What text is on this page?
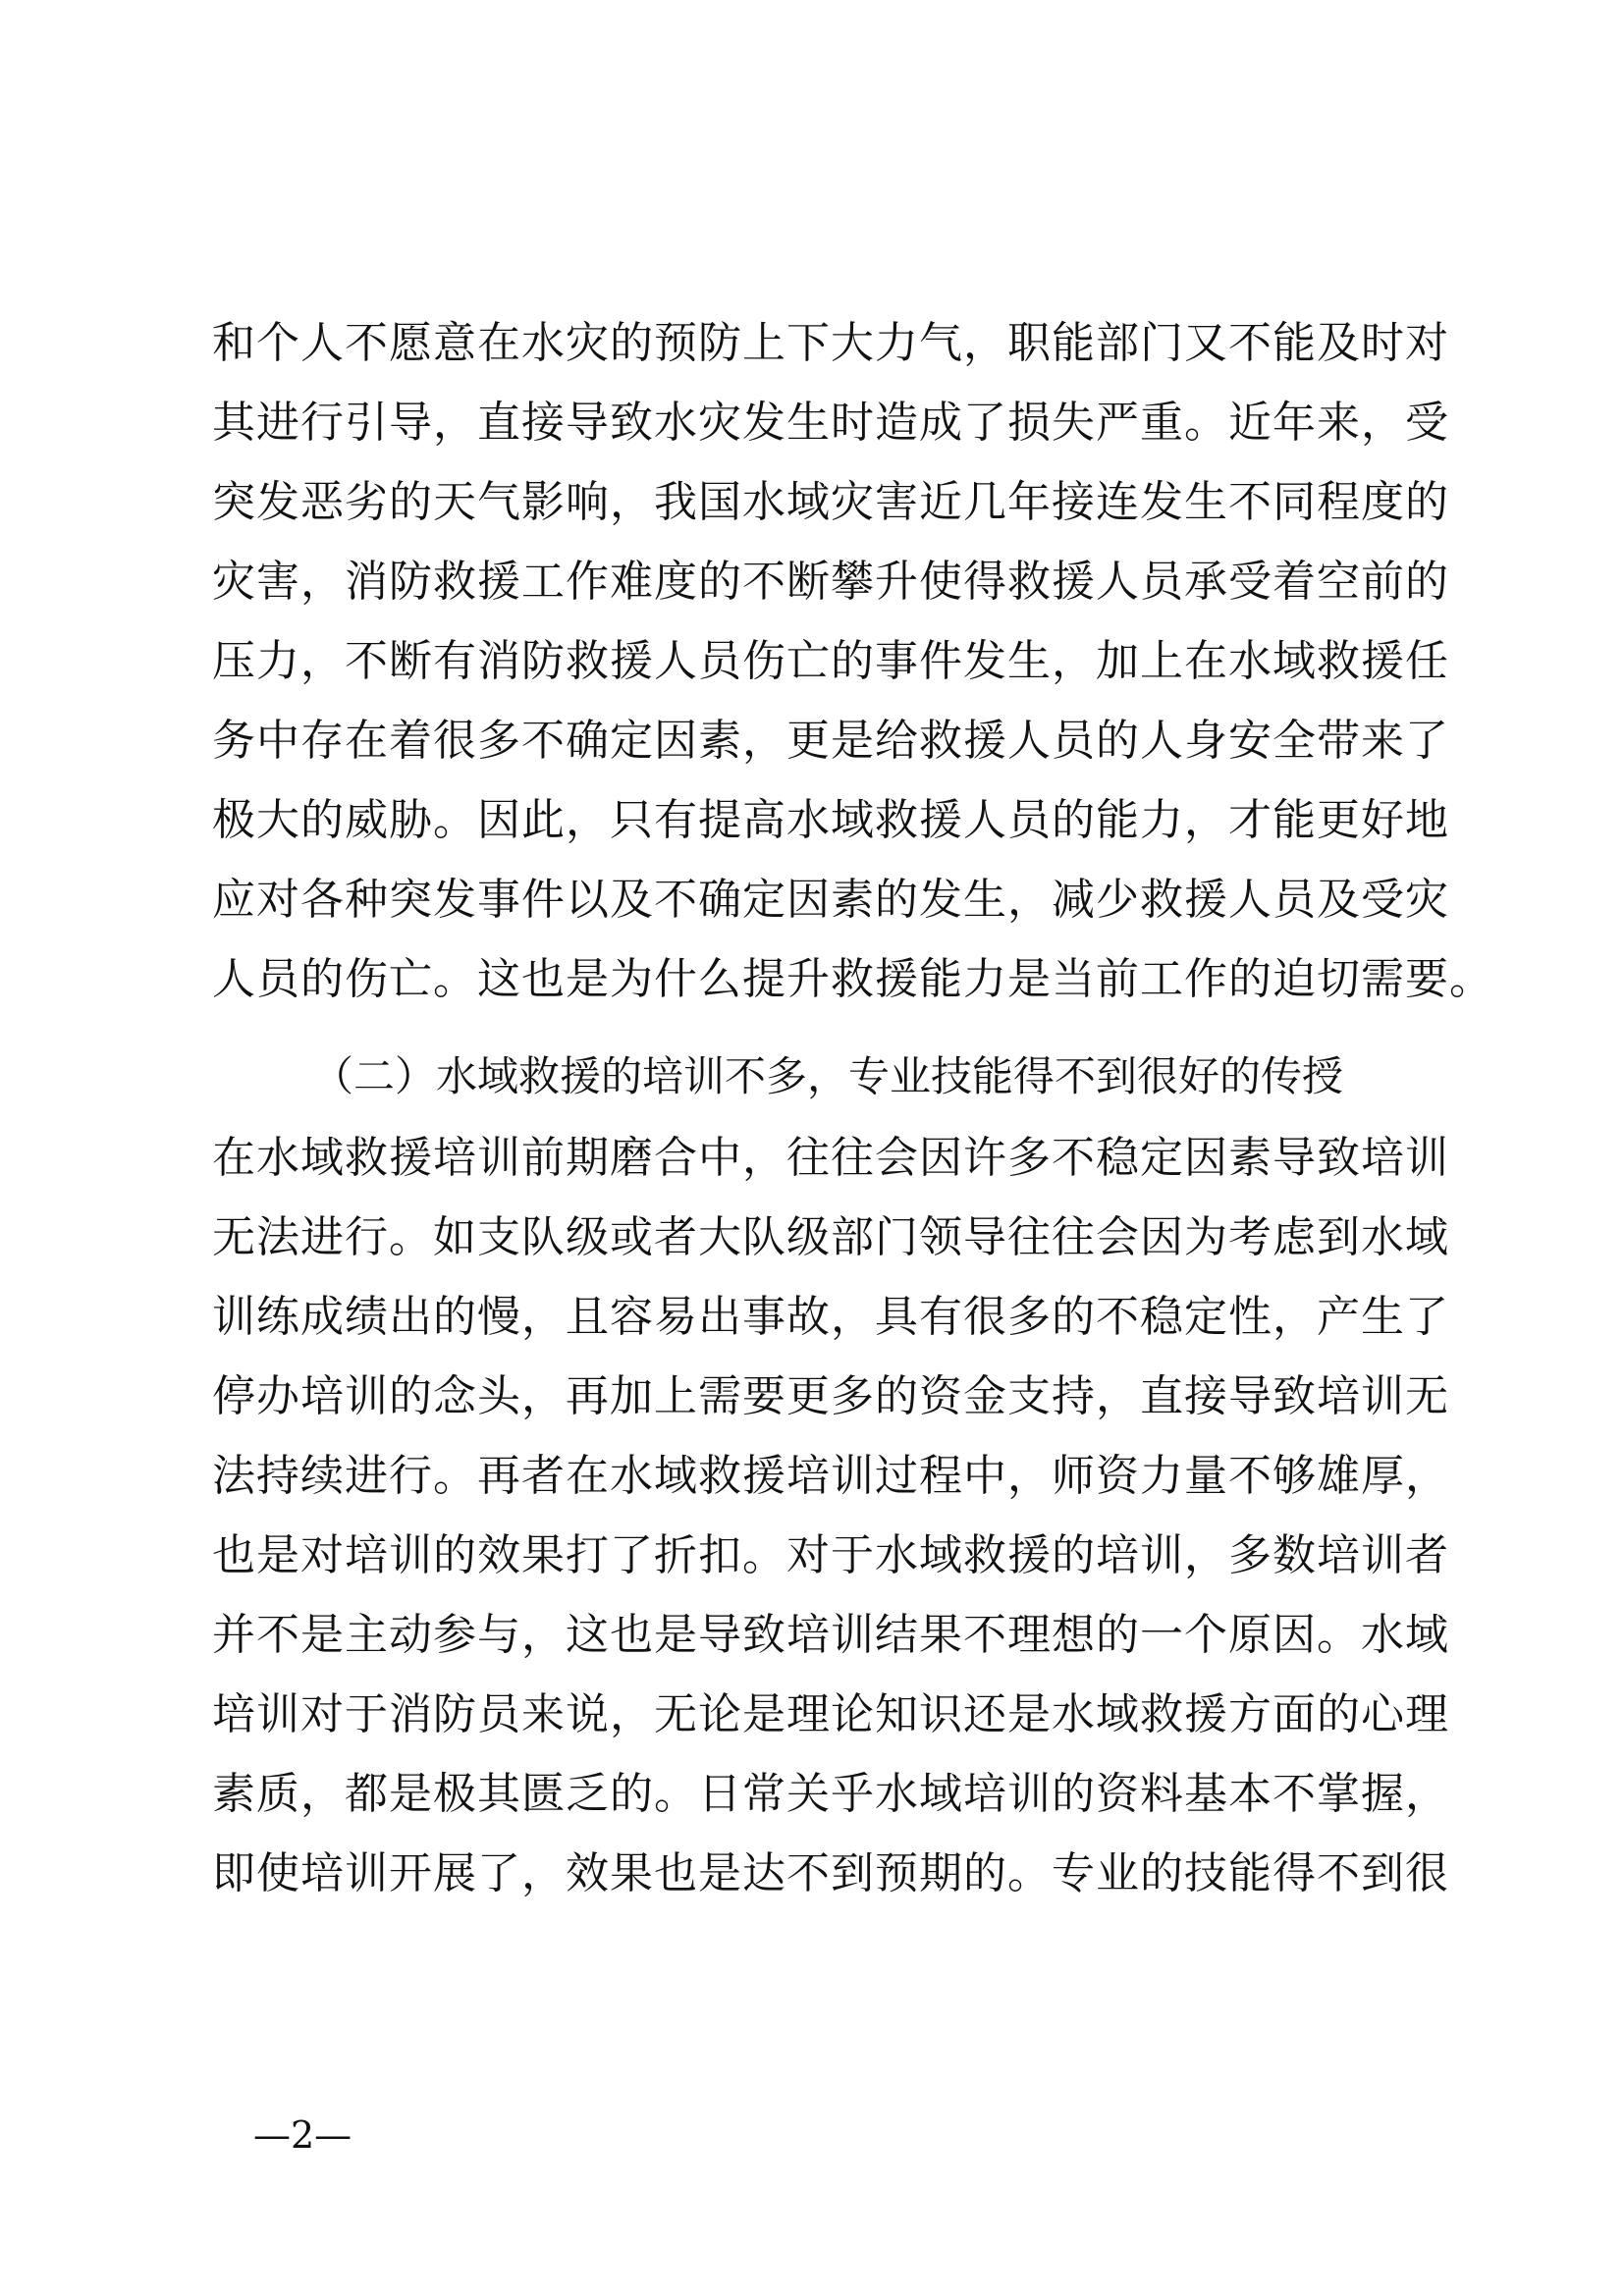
和个人不愿意在水灾的预防上下大力气，职能部门又不能及时对
其进行引导，直接导致水灾发生时造成了损失严重。近年来，受
突发恶劣的天气影响，我国水域灾害近几年接连发生不同程度的
灾害，消防救援工作难度的不断攀升使得救援人员承受着空前的
压力，不断有消防救援人员伤亡的事件发生，加上在水域救援任
务中存在着很多不确定因素，更是给救援人员的人身安全带来了
极大的威胁。因此，只有提高水域救援人员的能力，才能更好地
应对各种突发事件以及不确定因素的发生，减少救援人员及受灾
人员的伤亡。这也是为什么提升救援能力是当前工作的迫切需要。
（二）水域救援的培训不多，专业技能得不到很好的传授
在水域救援培训前期磨合中，往往会因许多不稳定因素导致培训
无法进行。如支队级或者大队级部门领导往往会因为考虑到水域
训练成绩出的慢，且容易出事故，具有很多的不稳定性，产生了
停办培训的念头，再加上需要更多的资金支持，直接导致培训无
法持续进行。再者在水域救援培训过程中，师资力量不够雄厚，
也是对培训的效果打了折扣。对于水域救援的培训，多数培训者
并不是主动参与，这也是导致培训结果不理想的一个原因。水域
培训对于消防员来说，无论是理论知识还是水域救援方面的心理
素质，都是极其匮乏的。日常关乎水域培训的资料基本不掌握，
即使培训开展了，效果也是达不到预期的。专业的技能得不到很
—2—
